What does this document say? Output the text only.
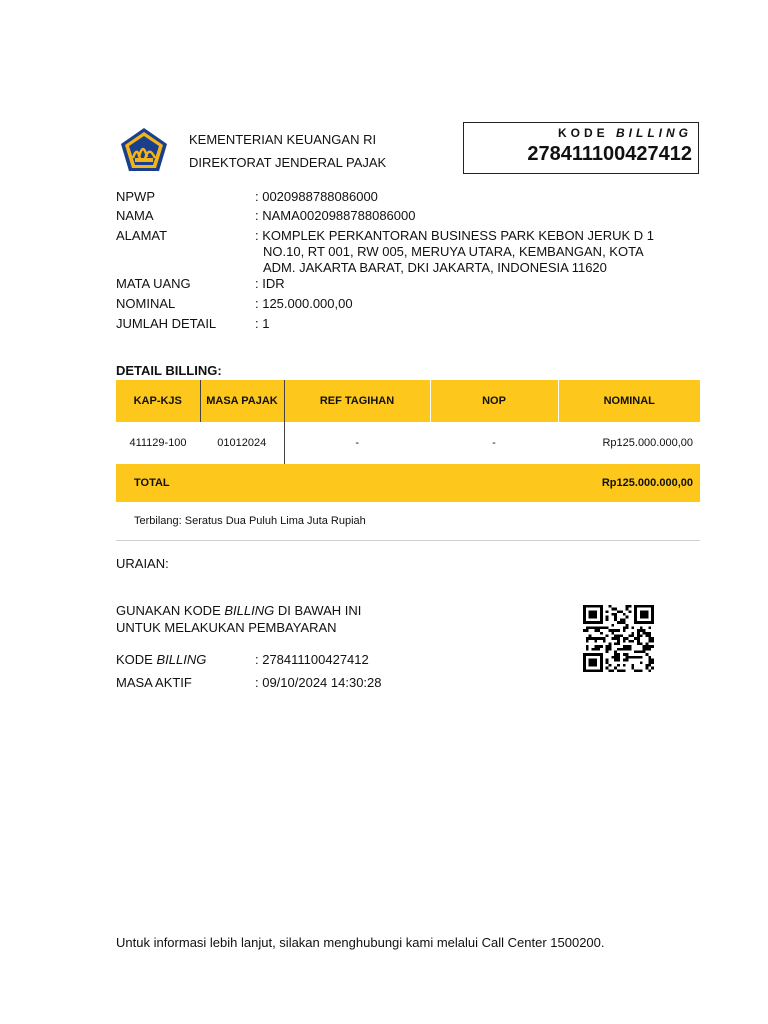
KEMENTERIAN KEUANGAN RI
DIREKTORAT JENDERAL PAJAK
KODE BILLING
278411100427412
NPWP	: 0020988788086000
NAMA	: NAMA0020988788086000
ALAMAT	: KOMPLEK PERKANTORAN BUSINESS PARK KEBON JERUK D 1
NO.10, RT 001, RW 005, MERUYA UTARA, KEMBANGAN, KOTA
ADM. JAKARTA BARAT, DKI JAKARTA, INDONESIA 11620
MATA UANG	: IDR
NOMINAL	: 125.000.000,00
JUMLAH DETAIL	: 1
DETAIL BILLING:
KAP-KJS	MASA PAJAK	REF TAGIHAN	NOP	NOMINAL
411129-100	01012024	-	-	Rp125.000.000,00
TOTAL				Rp125.000.000,00
Terbilang: Seratus Dua Puluh Lima Juta Rupiah				
URAIAN:
GUNAKAN KODE BILLING DI BAWAH INI
UNTUK MELAKUKAN PEMBAYARAN
KODE BILLING	: 278411100427412
MASA AKTIF	: 09/10/2024 14:30:28
Untuk informasi lebih lanjut, silakan menghubungi kami melalui Call Center 1500200.
